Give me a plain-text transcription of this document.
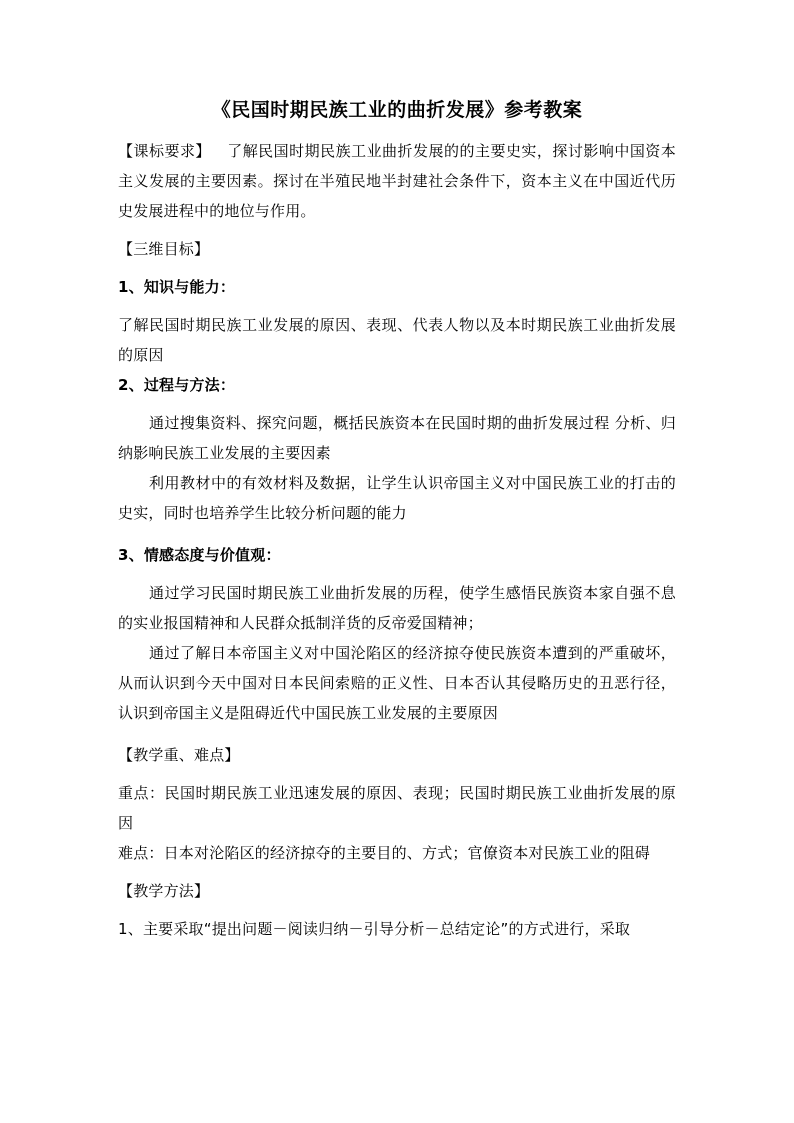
《民国时期民族工业的曲折发展》参考教案

【课标要求】 了解民国时期民族工业曲折发展的的主要史实，探讨影响中国资本主义发展的主要因素。探讨在半殖民地半封建社会条件下，资本主义在中国近代历史发展进程中的地位与作用。

【三维目标】

1、知识与能力：

了解民国时期民族工业发展的原因、表现、代表人物以及本时期民族工业曲折发展的原因

2、过程与方法：

通过搜集资料、探究问题，概括民族资本在民国时期的曲折发展过程 分析、归纳影响民族工业发展的主要因素

利用教材中的有效材料及数据，让学生认识帝国主义对中国民族工业的打击的史实，同时也培养学生比较分析问题的能力

3、情感态度与价值观：

通过学习民国时期民族工业曲折发展的历程，使学生感悟民族资本家自强不息的实业报国精神和人民群众抵制洋货的反帝爱国精神；

通过了解日本帝国主义对中国沦陷区的经济掠夺使民族资本遭到的严重破坏，从而认识到今天中国对日本民间索赔的正义性、日本否认其侵略历史的丑恶行径，认识到帝国主义是阻碍近代中国民族工业发展的主要原因

【教学重、难点】

重点：民国时期民族工业迅速发展的原因、表现；民国时期民族工业曲折发展的原因

难点：日本对沦陷区的经济掠夺的主要目的、方式；官僚资本对民族工业的阻碍

【教学方法】

1、主要采取“提出问题－阅读归纳－引导分析－总结定论”的方式进行，采取
